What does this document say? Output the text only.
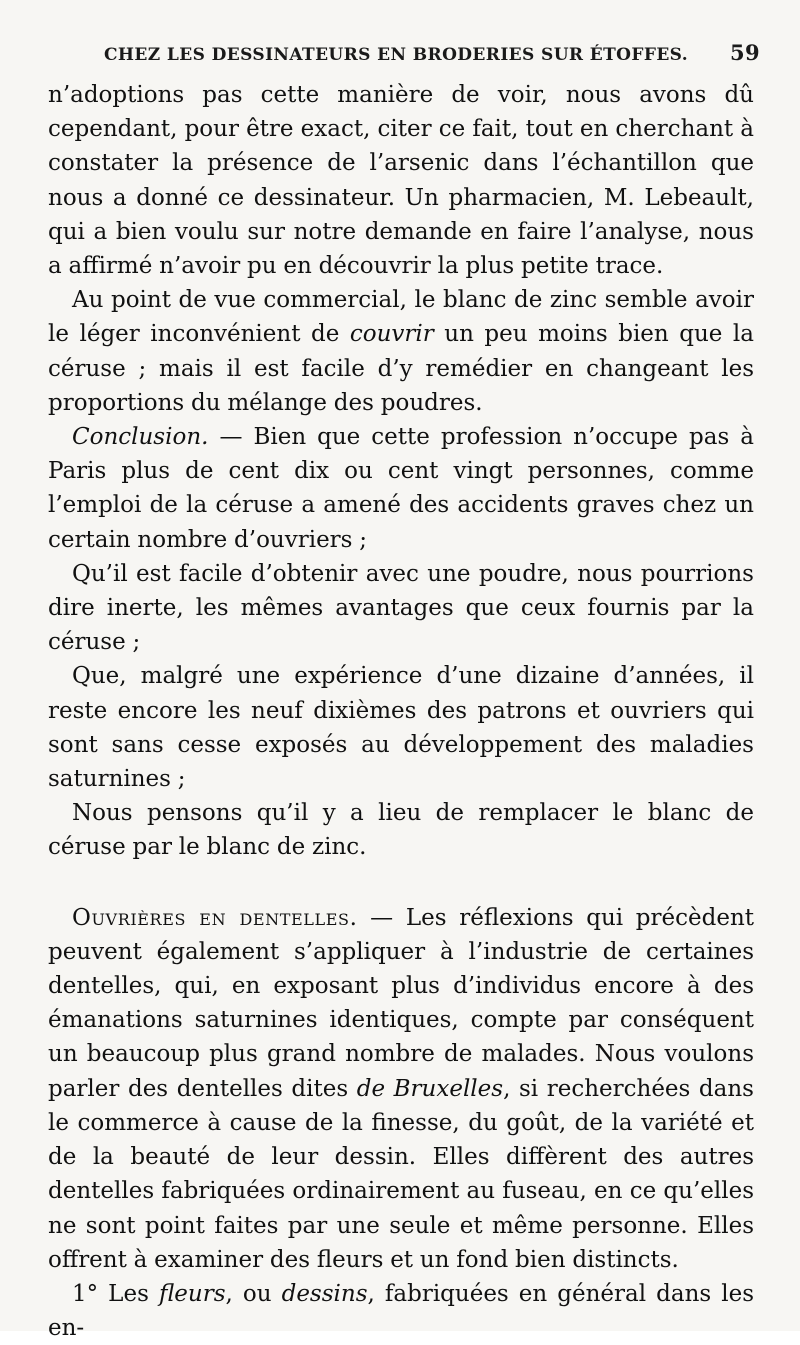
CHEZ LES DESSINATEURS EN BRODERIES SUR ÉTOFFES. 59

n’adoptions pas cette manière de voir, nous avons dû cependant, pour être exact, citer ce fait, tout en cherchant à constater la présence de l’arsenic dans l’échantillon que nous a donné ce dessinateur. Un pharmacien, M. Lebeault, qui a bien voulu sur notre demande en faire l’analyse, nous a affirmé n’avoir pu en découvrir la plus petite trace.

Au point de vue commercial, le blanc de zinc semble avoir le léger inconvénient de couvrir un peu moins bien que la céruse ; mais il est facile d’y remédier en changeant les proportions du mélange des poudres.

Conclusion. — Bien que cette profession n’occupe pas à Paris plus de cent dix ou cent vingt personnes, comme l’emploi de la céruse a amené des accidents graves chez un certain nombre d’ouvriers ;

Qu’il est facile d’obtenir avec une poudre, nous pourrions dire inerte, les mêmes avantages que ceux fournis par la céruse ;

Que, malgré une expérience d’une dizaine d’années, il reste encore les neuf dixièmes des patrons et ouvriers qui sont sans cesse exposés au développement des maladies saturnines ;

Nous pensons qu’il y a lieu de remplacer le blanc de céruse par le blanc de zinc.

Ouvrières en dentelles. — Les réflexions qui précèdent peuvent également s’appliquer à l’industrie de certaines dentelles, qui, en exposant plus d’individus encore à des émanations saturnines identiques, compte par conséquent un beaucoup plus grand nombre de malades. Nous voulons parler des dentelles dites de Bruxelles, si recherchées dans le commerce à cause de la finesse, du goût, de la variété et de la beauté de leur dessin. Elles diffèrent des autres dentelles fabriquées ordinairement au fuseau, en ce qu’elles ne sont point faites par une seule et même personne. Elles offrent à examiner des fleurs et un fond bien distincts.

1° Les fleurs, ou dessins, fabriquées en général dans les en-
